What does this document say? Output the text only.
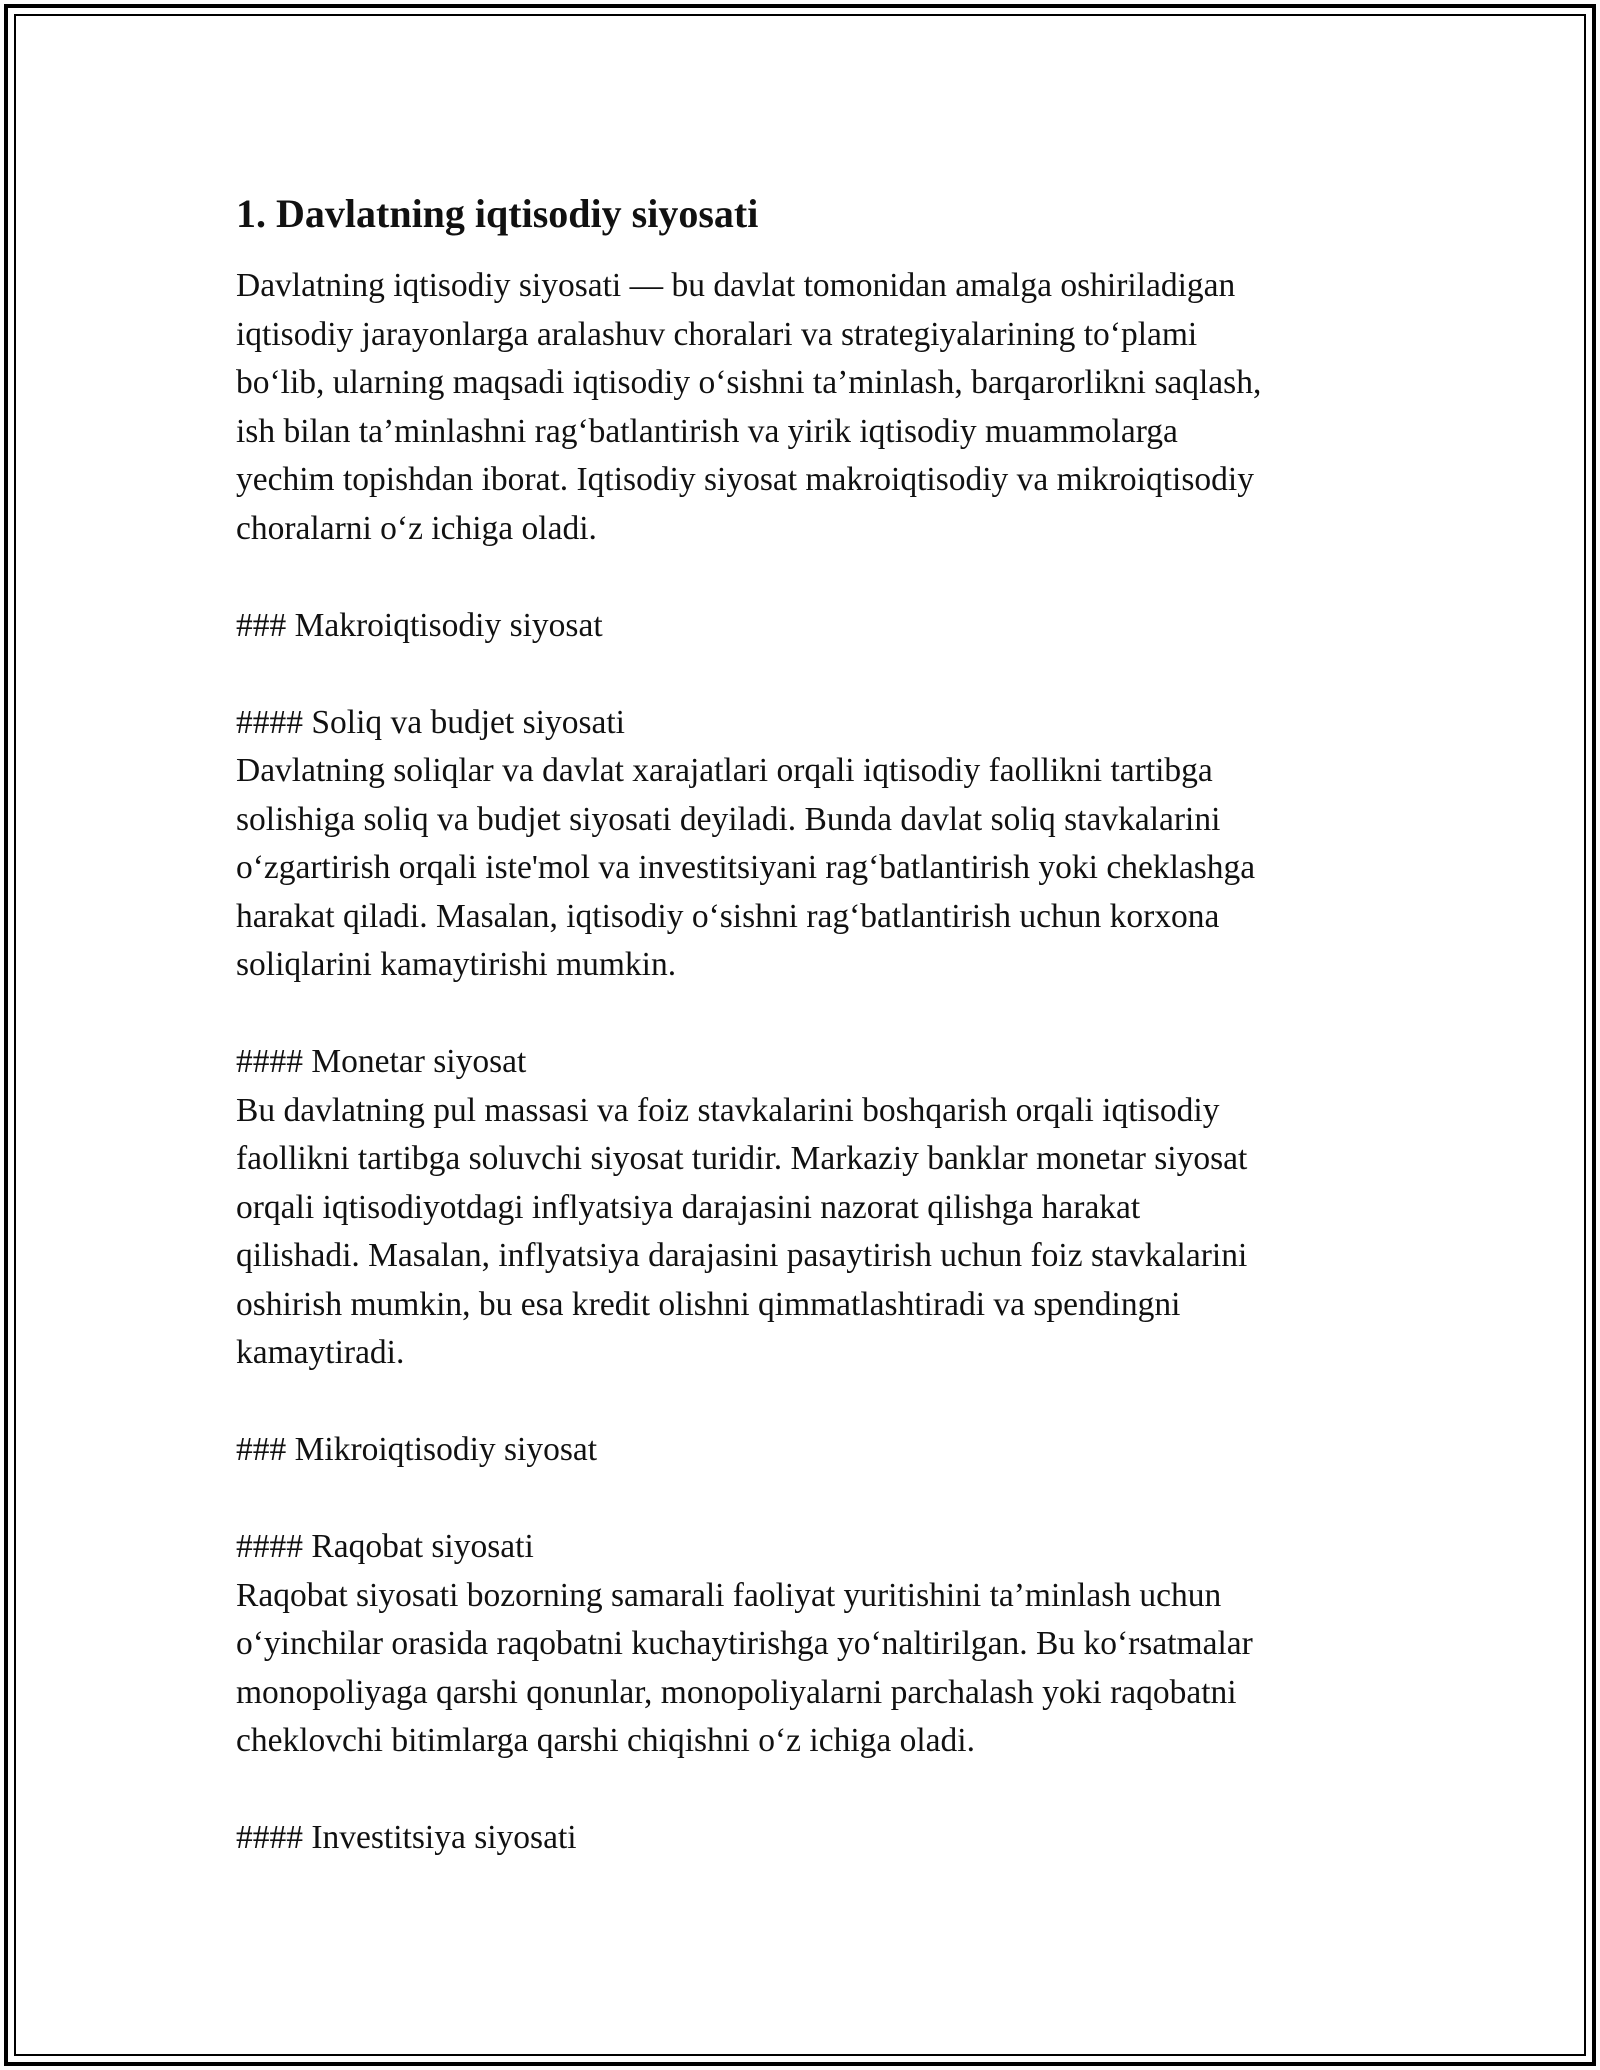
1. Davlatning iqtisodiy siyosati

Davlatning iqtisodiy siyosati — bu davlat tomonidan amalga oshiriladigan
iqtisodiy jarayonlarga aralashuv choralari va strategiyalarining to‘plami
bo‘lib, ularning maqsadi iqtisodiy o‘sishni ta’minlash, barqarorlikni saqlash,
ish bilan ta’minlashni rag‘batlantirish va yirik iqtisodiy muammolarga
yechim topishdan iborat. Iqtisodiy siyosat makroiqtisodiy va mikroiqtisodiy
choralarni o‘z ichiga oladi.

### Makroiqtisodiy siyosat

#### Soliq va budjet siyosati

Davlatning soliqlar va davlat xarajatlari orqali iqtisodiy faollikni tartibga
solishiga soliq va budjet siyosati deyiladi. Bunda davlat soliq stavkalarini
o‘zgartirish orqali iste'mol va investitsiyani rag‘batlantirish yoki cheklashga
harakat qiladi. Masalan, iqtisodiy o‘sishni rag‘batlantirish uchun korxona
soliqlarini kamaytirishi mumkin.

#### Monetar siyosat

Bu davlatning pul massasi va foiz stavkalarini boshqarish orqali iqtisodiy
faollikni tartibga soluvchi siyosat turidir. Markaziy banklar monetar siyosat
orqali iqtisodiyotdagi inflyatsiya darajasini nazorat qilishga harakat
qilishadi. Masalan, inflyatsiya darajasini pasaytirish uchun foiz stavkalarini
oshirish mumkin, bu esa kredit olishni qimmatlashtiradi va spendingni
kamaytiradi.

### Mikroiqtisodiy siyosat

#### Raqobat siyosati

Raqobat siyosati bozorning samarali faoliyat yuritishini ta’minlash uchun
o‘yinchilar orasida raqobatni kuchaytirishga yo‘naltirilgan. Bu ko‘rsatmalar
monopoliyaga qarshi qonunlar, monopoliyalarni parchalash yoki raqobatni
cheklovchi bitimlarga qarshi chiqishni o‘z ichiga oladi.

#### Investitsiya siyosati
